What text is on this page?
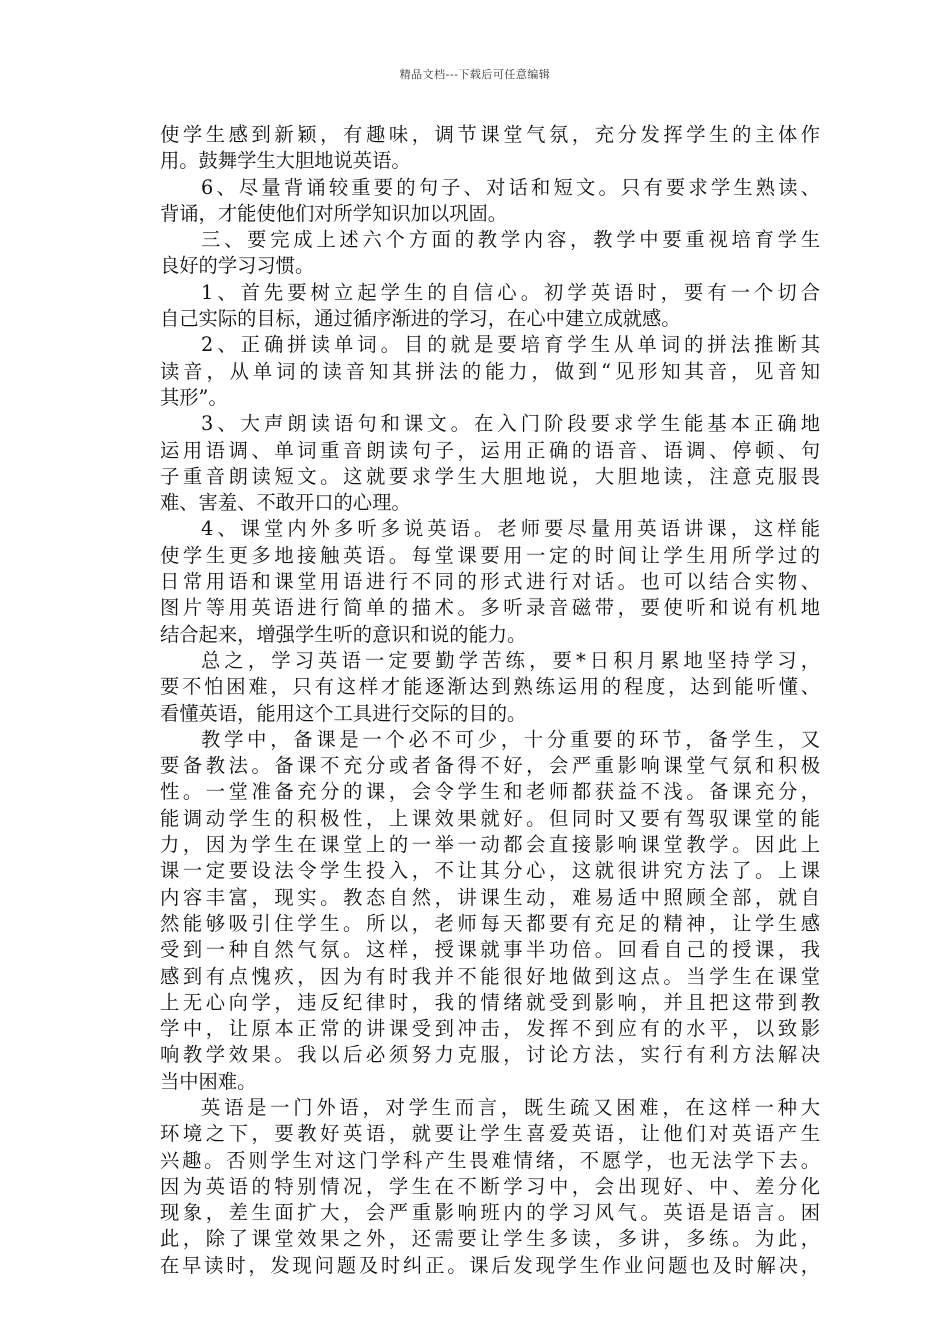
精品文档---下载后可任意编辑
使学生感到新颖，有趣味，调节课堂气氛，充分发挥学生的主体作
用。鼓舞学生大胆地说英语。
6、尽量背诵较重要的句子、对话和短文。只有要求学生熟读、
背诵，才能使他们对所学知识加以巩固。
三、要完成上述六个方面的教学内容，教学中要重视培育学生
良好的学习习惯。
1、首先要树立起学生的自信心。初学英语时，要有一个切合
自己实际的目标，通过循序渐进的学习，在心中建立成就感。
2、正确拼读单词。目的就是要培育学生从单词的拼法推断其
读音，从单词的读音知其拼法的能力，做到“见形知其音，见音知
其形”。
3、大声朗读语句和课文。在入门阶段要求学生能基本正确地
运用语调、单词重音朗读句子，运用正确的语音、语调、停顿、句
子重音朗读短文。这就要求学生大胆地说，大胆地读，注意克服畏
难、害羞、不敢开口的心理。
4、课堂内外多听多说英语。老师要尽量用英语讲课，这样能
使学生更多地接触英语。每堂课要用一定的时间让学生用所学过的
日常用语和课堂用语进行不同的形式进行对话。也可以结合实物、
图片等用英语进行简单的描术。多听录音磁带，要使听和说有机地
结合起来，增强学生听的意识和说的能力。
总之，学习英语一定要勤学苦练，要*日积月累地坚持学习，
要不怕困难，只有这样才能逐渐达到熟练运用的程度，达到能听懂、
看懂英语，能用这个工具进行交际的目的。
教学中，备课是一个必不可少，十分重要的环节，备学生，又
要备教法。备课不充分或者备得不好，会严重影响课堂气氛和积极
性。一堂准备充分的课，会令学生和老师都获益不浅。备课充分，
能调动学生的积极性，上课效果就好。但同时又要有驾驭课堂的能
力，因为学生在课堂上的一举一动都会直接影响课堂教学。因此上
课一定要设法令学生投入，不让其分心，这就很讲究方法了。上课
内容丰富，现实。教态自然，讲课生动，难易适中照顾全部，就自
然能够吸引住学生。所以，老师每天都要有充足的精神，让学生感
受到一种自然气氛。这样，授课就事半功倍。回看自己的授课，我
感到有点愧疚，因为有时我并不能很好地做到这点。当学生在课堂
上无心向学，违反纪律时，我的情绪就受到影响，并且把这带到教
学中，让原本正常的讲课受到冲击，发挥不到应有的水平，以致影
响教学效果。我以后必须努力克服，讨论方法，实行有利方法解决
当中困难。
英语是一门外语，对学生而言，既生疏又困难，在这样一种大
环境之下，要教好英语，就要让学生喜爱英语，让他们对英语产生
兴趣。否则学生对这门学科产生畏难情绪，不愿学，也无法学下去。
因为英语的特别情况，学生在不断学习中，会出现好、中、差分化
现象，差生面扩大，会严重影响班内的学习风气。英语是语言。困
此，除了课堂效果之外，还需要让学生多读，多讲，多练。为此，
在早读时，发现问题及时纠正。课后发现学生作业问题也及时解决，
